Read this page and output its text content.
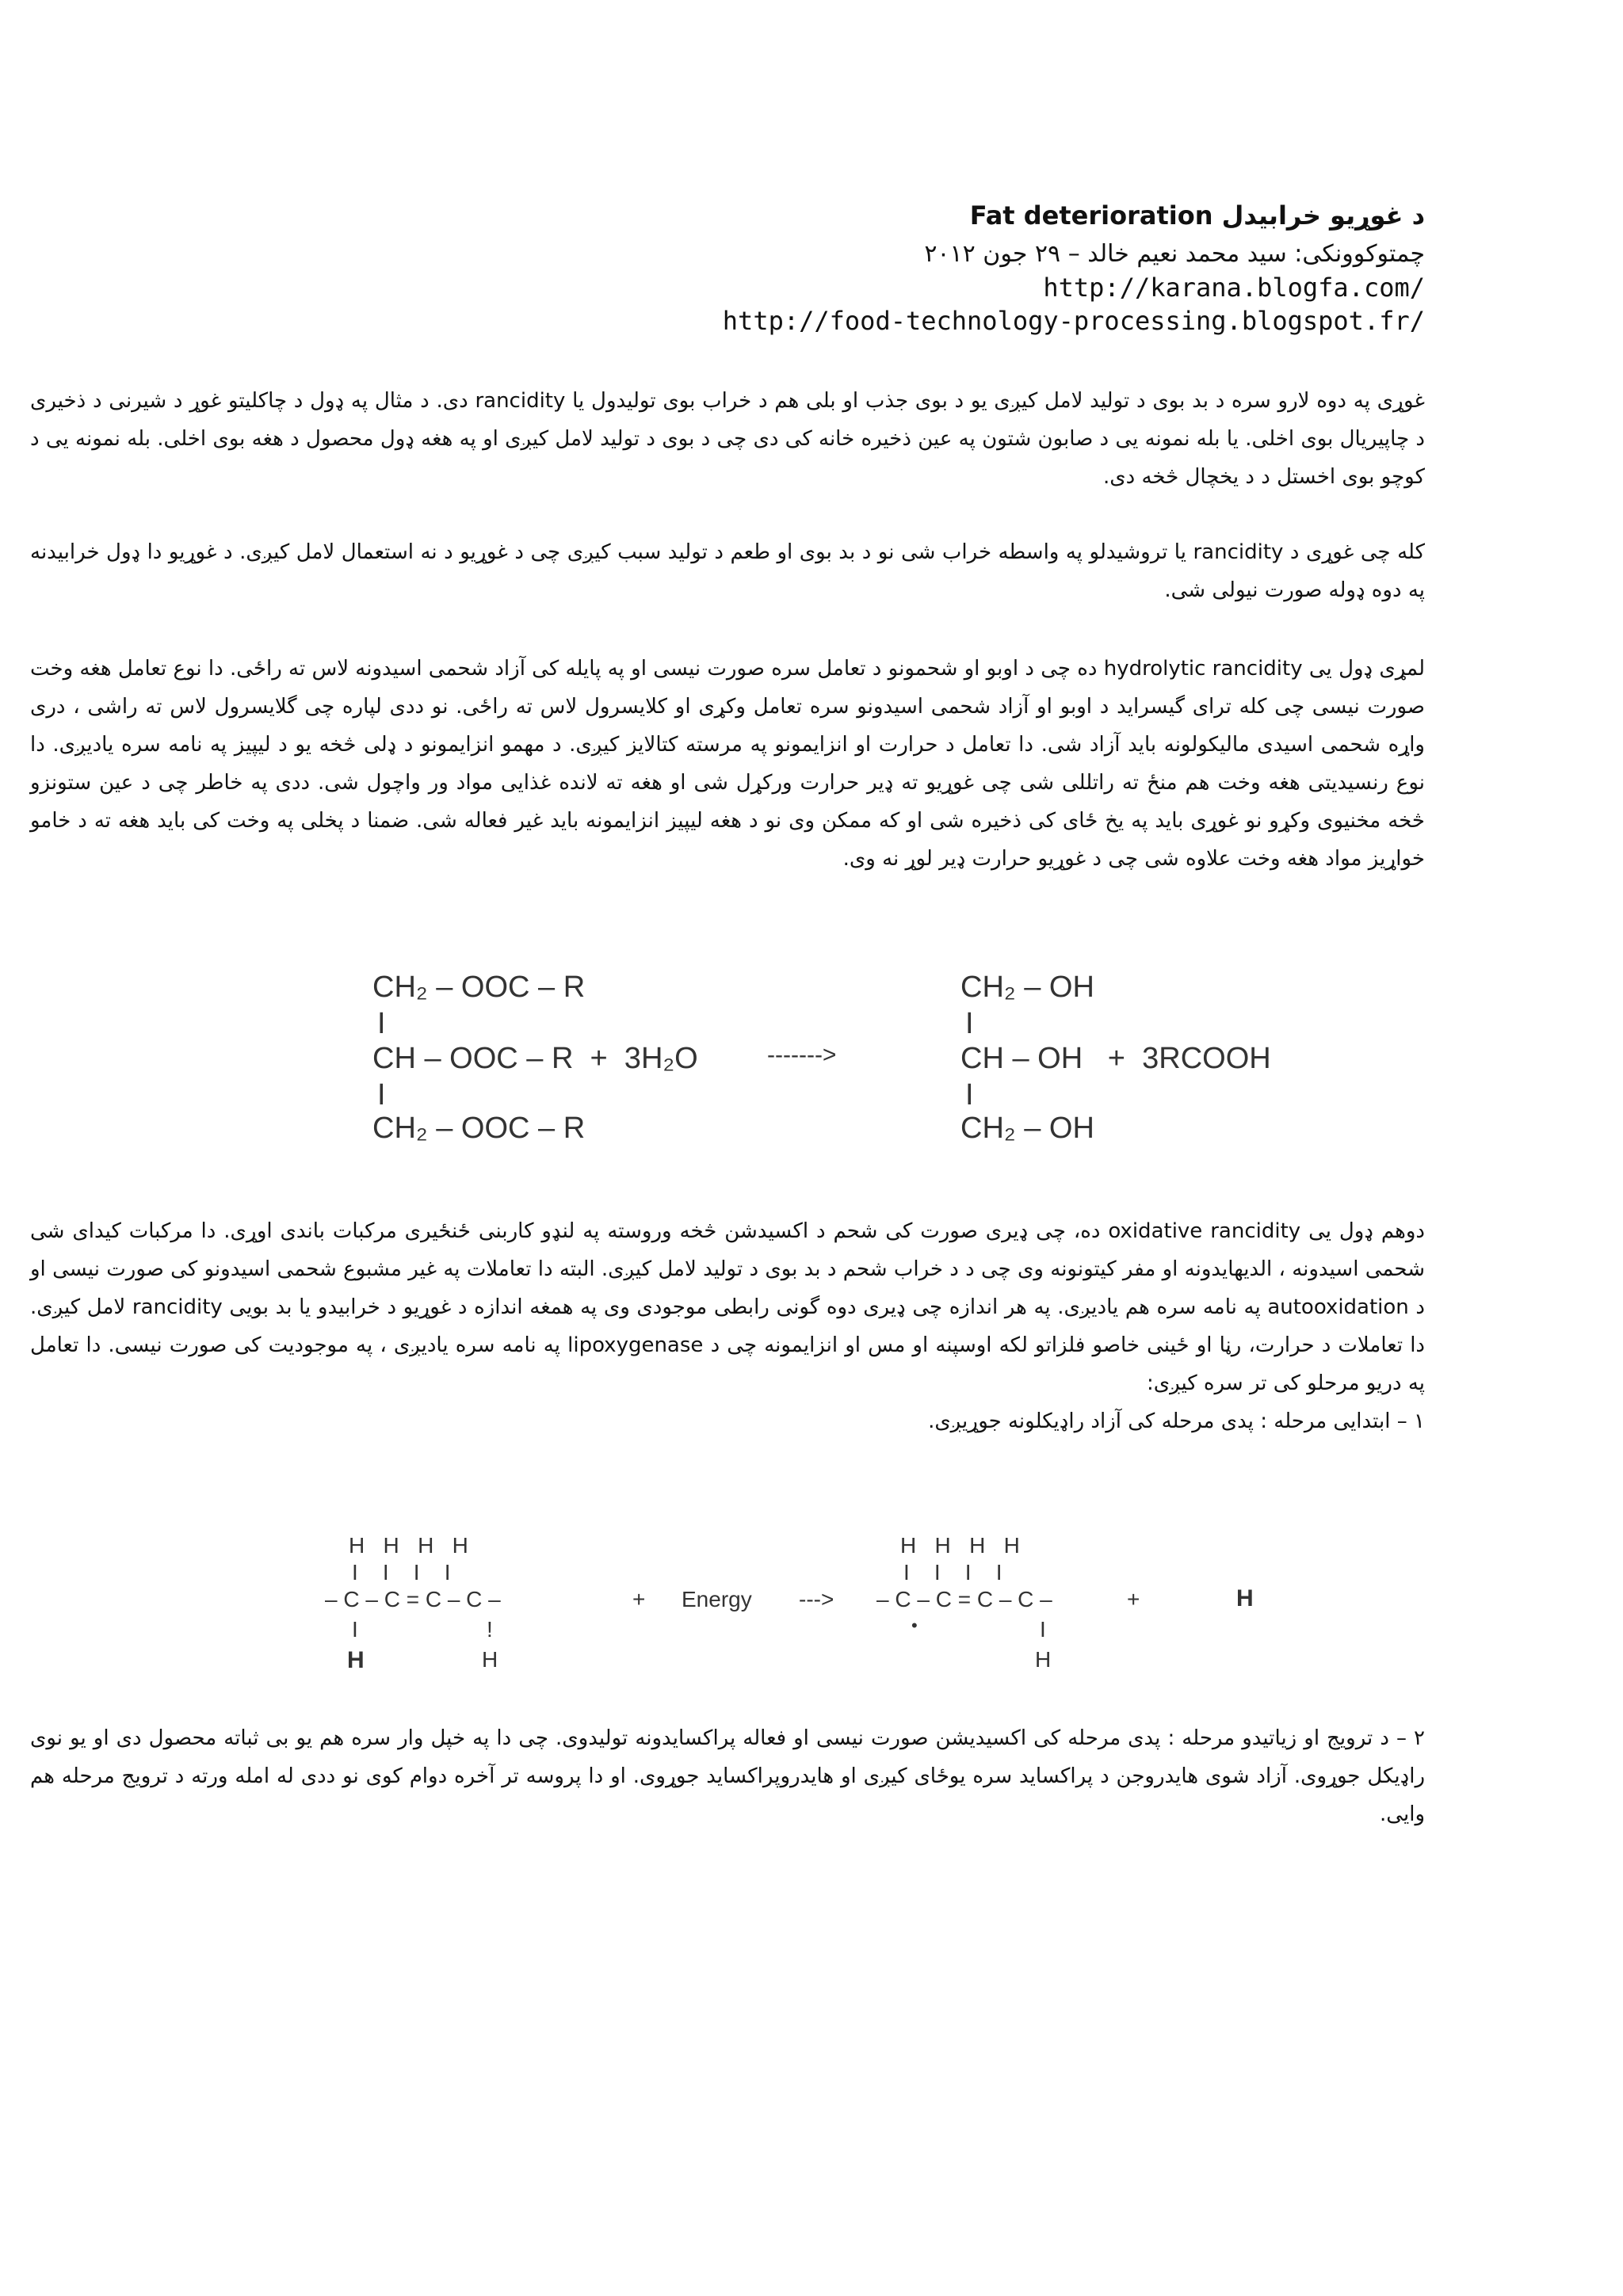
د غوړيو خرابيدل Fat deterioration
چمتوکوونکی: سيد محمد نعيم خالد – ۲۹ جون ۲۰۱۲
http://karana.blogfa.com/
http://food-technology-processing.blogspot.fr/

غوړی په دوه لارو سره د بد بوی د توليد لامل کيږی يو د بوی جذب او بلی هم د خراب بوی توليدول يا rancidity دی. د مثال په ډول د چاکليتو غوړ د شيرنی د ذخيری د چاپيريال بوی اخلی. يا بله نمونه يی د صابون شتون په عين ذخيره خانه کی دی چی د بوی د توليد لامل کيږی او په هغه ډول محصول د هغه بوی اخلی. بله نمونه يی د کوچو بوی اخستل د د يخچال څخه دی.

کله چی غوړی د rancidity يا تروشيدلو په واسطه خراب شی نو د بد بوی او طعم د توليد سبب کيږی چی د غوړيو د نه استعمال لامل کيږی. د غوړيو دا ډول خرابيدنه په دوه ډوله صورت نيولی شی.

لمړی ډول يی hydrolytic rancidity ده چی د اوبو او شحمونو د تعامل سره صورت نيسی او په پايله کی آزاد شحمی اسيدونه لاس ته راځی. دا نوع تعامل هغه وخت صورت نيسی چی کله ترای گيسرايد د اوبو او آزاد شحمی اسيدونو سره تعامل وکړی او کلايسرول لاس ته راځی. نو ددی لپاره چی گلايسرول لاس ته راشی ، دری واړه شحمی اسيدی ماليکولونه بايد آزاد شی. دا تعامل د حرارت او انزايمونو په مرسته کتالايز کيږی. د مهمو انزايمونو د ډلی څخه يو د ليپيز په نامه سره ياديږی. دا نوع رنسيديتی هغه وخت هم منځ ته راتللی شی چی غوړيو ته ډير حرارت ورکړل شی او هغه ته لانده غذايی مواد ور واچول شی. ددی په خاطر چی د عين ستونزو څخه مخنيوی وکړو نو غوړی بايد په يخ ځای کی ذخيره شی او که ممکن وی نو د هغه ليپيز انزايمونه بايد غير فعاله شی. ضمنا د پخلی په وخت کی بايد هغه ته د خامو خواړيز مواد هغه وخت علاوه شی چی د غوړيو حرارت ډير لوړ نه وی.

CH₂ – OOC – R
I
CH – OOC – R  +  3H₂O
I
CH₂ – OOC – R
------->
CH₂ – OH
I
CH – OH   +  3RCOOH
I
CH₂ – OH

دوهم ډول يی oxidative rancidity ده، چی ډيری صورت کی شحم د اکسيدشن څخه وروسته په لنډو کاربنی ځنځيری مرکبات باندی اوړی. دا مرکبات کيدای شی شحمی اسيدونه ، الديهايدونه او مفر کيتونونه وی چی د د خراب شحم د بد بوی د توليد لامل کيږی. البته دا تعاملات په غير مشبوع شحمی اسيدونو کی صورت نيسی او د autooxidation په نامه سره هم ياديږی. په هر اندازه چی ډيری دوه گونی رابطی موجودی وی په همغه اندازه د غوړيو د خرابيدو يا بد بويی rancidity لامل کيږی. دا تعاملات د حرارت، رڼا او ځينی خاصو فلزاتو لکه اوسپنه او مس او انزايمونه چی د lipoxygenase په نامه سره ياديږی ، په موجوديت کی صورت نيسی. دا تعامل په دريو مرحلو کی تر سره کيږی:

۱ – ابتدايی مرحله : پدی مرحله کی آزاد راډيکلونه جوړيږی.

H   H   H   H
I    I    I    I
– C – C = C – C –
I	!
H	H
+ Energy --->
H   H   H   H
I    I    I    I
– C – C = C – C –
•	I
H
+	H

۲ – د ترويج او زياتيدو مرحله : پدی مرحله کی اکسيديشن صورت نيسی او فعاله پراکسايدونه توليدوی. چی دا په خپل وار سره هم يو بی ثباته محصول دی او يو نوی راډيکل جوړوی. آزاد شوی هايدروجن د پراکسايد سره يوځای کيږی او هايدروپراکسايد جوړوی. او دا پروسه تر آخره دوام کوی نو ددی له امله ورته د ترويج مرحله هم وايی.
